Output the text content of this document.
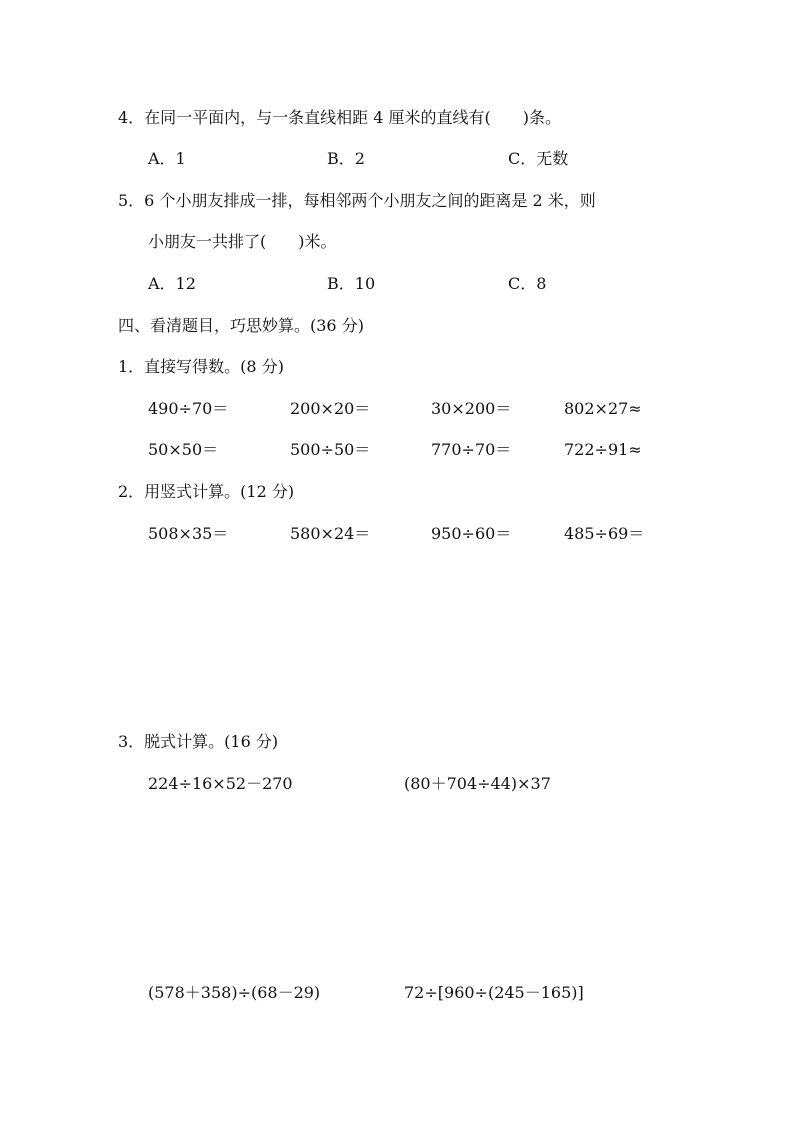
4．在同一平面内，与一条直线相距 4 厘米的直线有(　　)条。
A．1	B．2	C．无数
5．6 个小朋友排成一排，每相邻两个小朋友之间的距离是 2 米，则
小朋友一共排了(　　)米。
A．12	B．10	C．8
四、看清题目，巧思妙算。(36 分)
1．直接写得数。(8 分)
490÷70＝	200×20＝	30×200＝	802×27≈
50×50＝	500÷50＝	770÷70＝	722÷91≈
2．用竖式计算。(12 分)
508×35＝	580×24＝	950÷60＝	485÷69＝
3．脱式计算。(16 分)
224÷16×52－270	(80＋704÷44)×37
(578＋358)÷(68－29)	72÷[960÷(245－165)]
